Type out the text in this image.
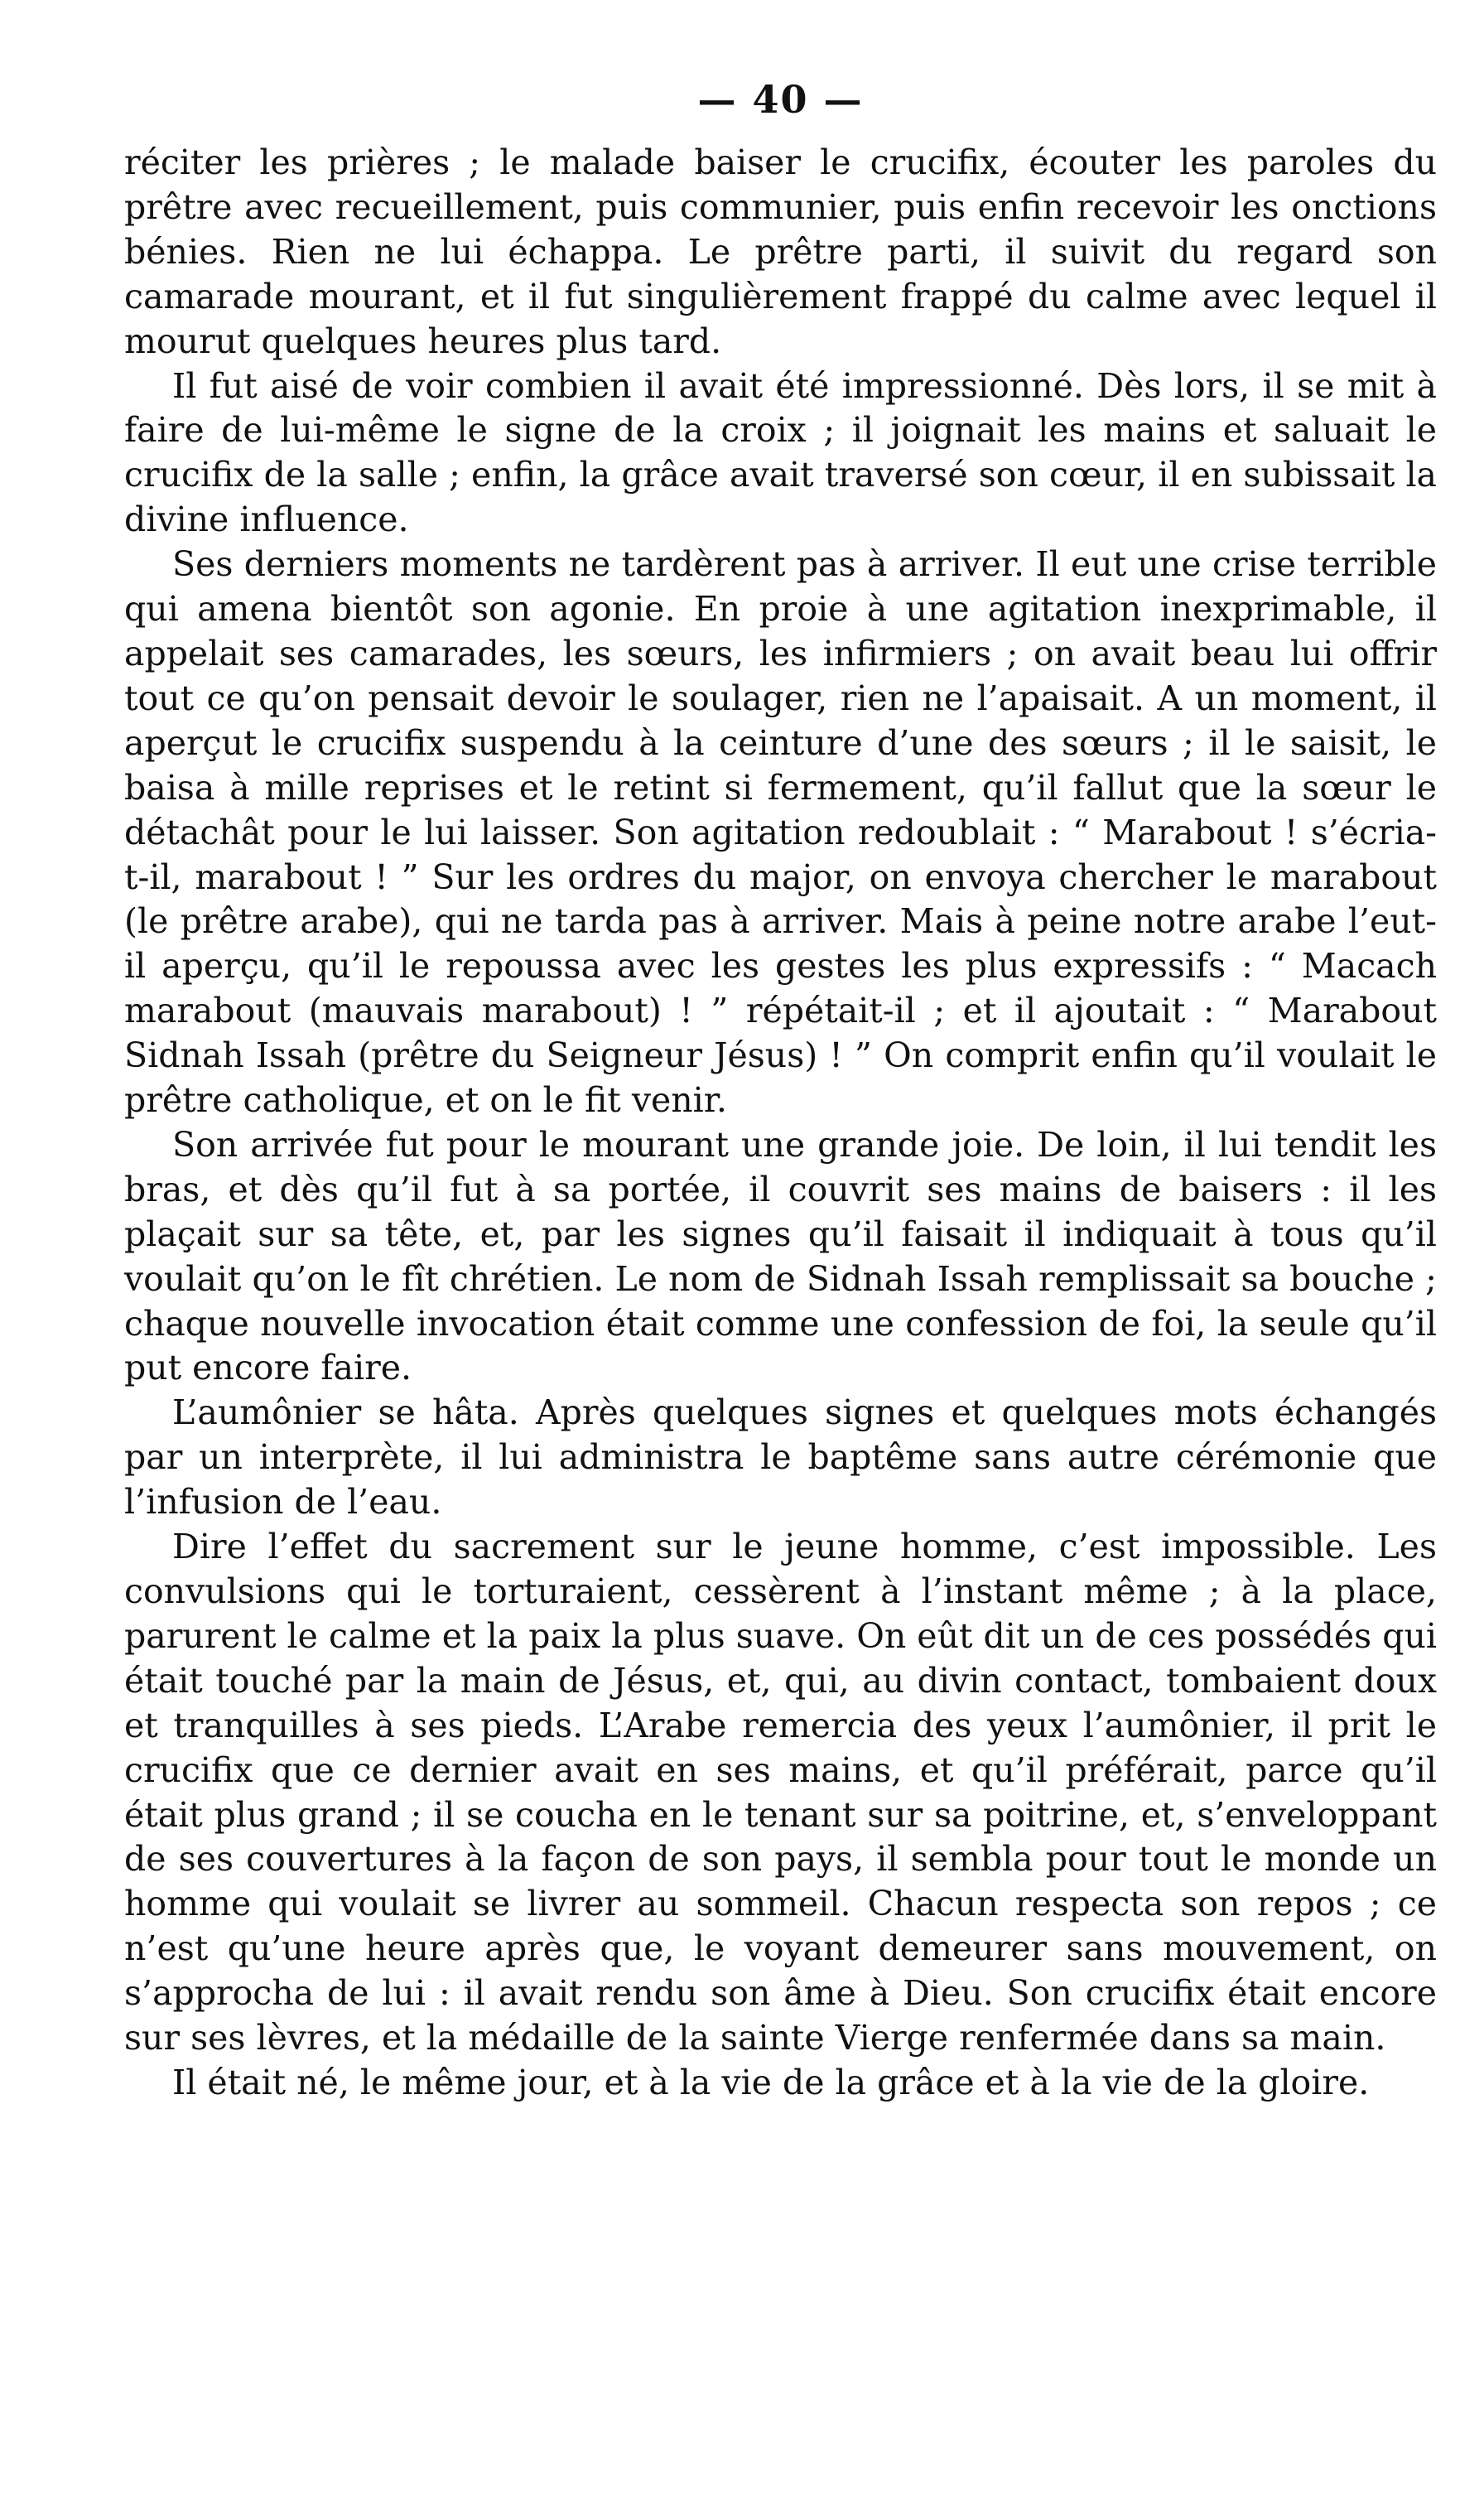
— 40 —

réciter les prières ; le malade baiser le crucifix, écouter les paroles du prêtre avec recueillement, puis communier, puis enfin recevoir les onctions bénies. Rien ne lui échappa. Le prêtre parti, il suivit du regard son camarade mourant, et il fut singulièrement frappé du calme avec lequel il mourut quelques heures plus tard.

Il fut aisé de voir combien il avait été impressionné. Dès lors, il se mit à faire de lui-même le signe de la croix ; il joignait les mains et saluait le crucifix de la salle ; enfin, la grâce avait traversé son cœur, il en subissait la divine influence.

Ses derniers moments ne tardèrent pas à arriver. Il eut une crise terrible qui amena bientôt son agonie. En proie à une agitation inexprimable, il appelait ses camarades, les sœurs, les infirmiers ; on avait beau lui offrir tout ce qu’on pensait devoir le soulager, rien ne l’apaisait. A un moment, il aperçut le crucifix suspendu à la ceinture d’une des sœurs ; il le saisit, le baisa à mille reprises et le retint si fermement, qu’il fallut que la sœur le détachât pour le lui laisser. Son agitation redoublait : “ Marabout ! s’écria-t-il, marabout ! ” Sur les ordres du major, on envoya chercher le marabout (le prêtre arabe), qui ne tarda pas à arriver. Mais à peine notre arabe l’eut-il aperçu, qu’il le repoussa avec les gestes les plus expressifs : “ Macach marabout (mauvais marabout) ! ” répétait-il ; et il ajoutait : “ Marabout Sidnah Issah (prêtre du Seigneur Jésus) ! ” On comprit enfin qu’il voulait le prêtre catholique, et on le fit venir.

Son arrivée fut pour le mourant une grande joie. De loin, il lui tendit les bras, et dès qu’il fut à sa portée, il couvrit ses mains de baisers : il les plaçait sur sa tête, et, par les signes qu’il faisait il indiquait à tous qu’il voulait qu’on le fît chrétien. Le nom de Sidnah Issah remplissait sa bouche ; chaque nouvelle invocation était comme une confession de foi, la seule qu’il put encore faire.

L’aumônier se hâta. Après quelques signes et quelques mots échangés par un interprète, il lui administra le baptême sans autre cérémonie que l’infusion de l’eau.

Dire l’effet du sacrement sur le jeune homme, c’est impossible. Les convulsions qui le torturaient, cessèrent à l’instant même ; à la place, parurent le calme et la paix la plus suave. On eût dit un de ces possédés qui était touché par la main de Jésus, et, qui, au divin contact, tombaient doux et tranquilles à ses pieds. L’Arabe remercia des yeux l’aumônier, il prit le crucifix que ce dernier avait en ses mains, et qu’il préférait, parce qu’il était plus grand ; il se coucha en le tenant sur sa poitrine, et, s’enveloppant de ses couvertures à la façon de son pays, il sembla pour tout le monde un homme qui voulait se livrer au sommeil. Chacun respecta son repos ; ce n’est qu’une heure après que, le voyant demeurer sans mouvement, on s’approcha de lui : il avait rendu son âme à Dieu. Son crucifix était encore sur ses lèvres, et la médaille de la sainte Vierge renfermée dans sa main.

Il était né, le même jour, et à la vie de la grâce et à la vie de la gloire.
